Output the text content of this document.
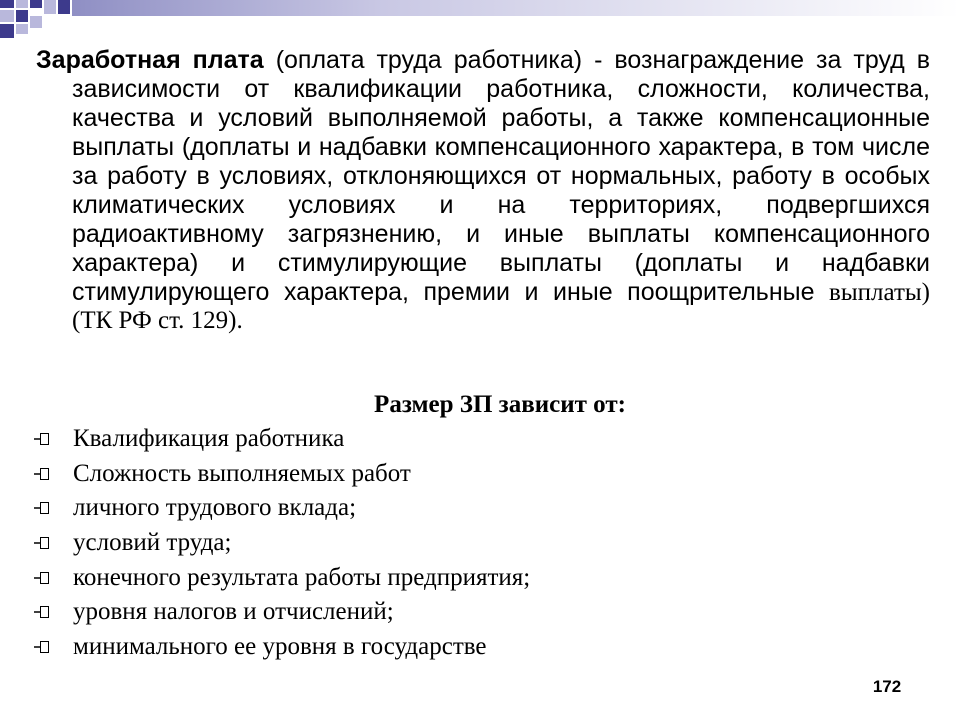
Заработная плата (оплата труда работника) - вознаграждение за труд в зависимости от квалификации работника, сложности, количества, качества и условий выполняемой работы, а также компенсационные выплаты (доплаты и надбавки компенсационного характера, в том числе за работу в условиях, отклоняющихся от нормальных, работу в особых климатических условиях и на территориях, подвергшихся радиоактивному загрязнению, и иные выплаты компенсационного характера) и стимулирующие выплаты (доплаты и надбавки стимулирующего характера, премии и иные поощрительные выплаты) (ТК РФ ст. 129).

Размер ЗП зависит от:
Квалификация работника
Сложность выполняемых работ
личного трудового вклада;
условий труда;
конечного результата работы предприятия;
уровня налогов и отчислений;
минимального ее уровня в государстве
172
